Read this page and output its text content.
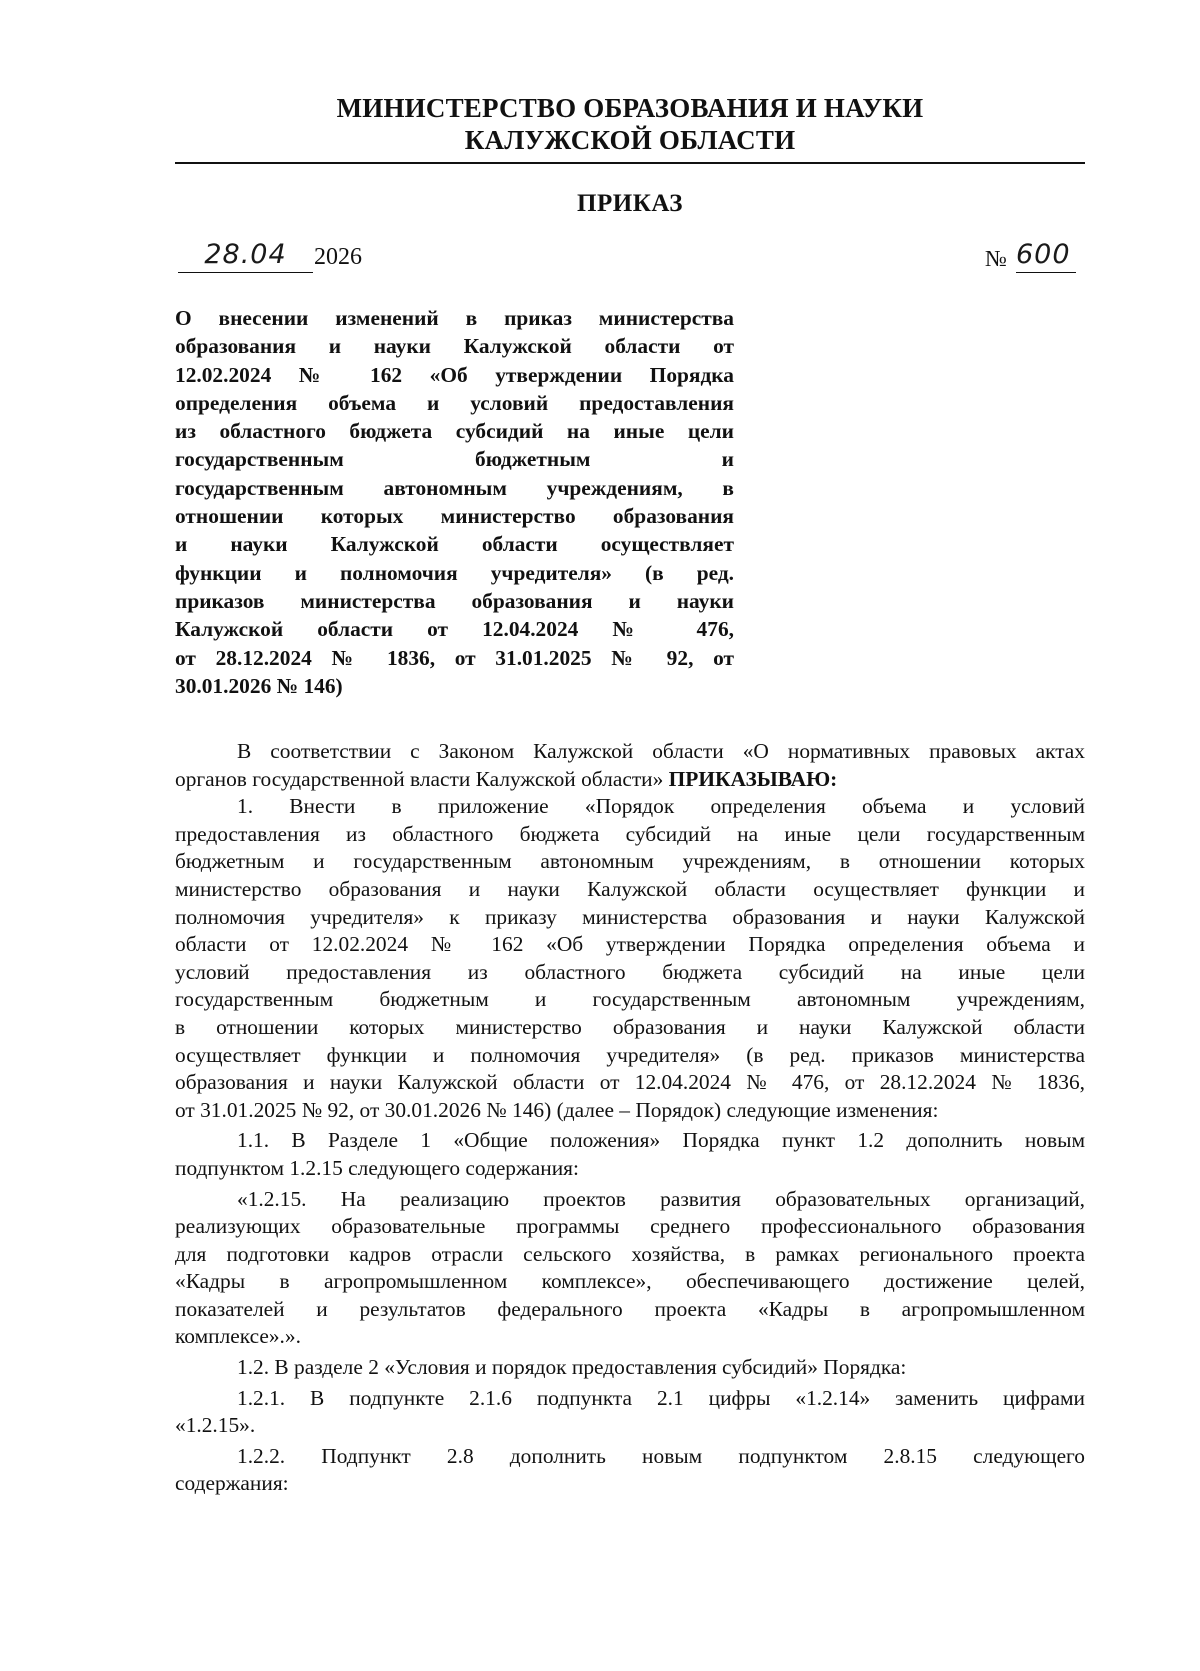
МИНИСТЕРСТВО ОБРАЗОВАНИЯ И НАУКИ
КАЛУЖСКОЙ ОБЛАСТИ
ПРИКАЗ
28.04	2026	№ 600
О внесении изменений в приказ министерства
образования и науки Калужской области от
12.02.2024 № 162 «Об утверждении Порядка
определения объема и условий предоставления
из областного бюджета субсидий на иные цели
государственным бюджетным и
государственным автономным учреждениям, в
отношении которых министерство образования
и науки Калужской области осуществляет
функции и полномочия учредителя» (в ред.
приказов министерства образования и науки
Калужской области от 12.04.2024 № 476,
от 28.12.2024 № 1836, от 31.01.2025 № 92, от
30.01.2026 № 146)

В соответствии с Законом Калужской области «О нормативных правовых актах
органов государственной власти Калужской области» ПРИКАЗЫВАЮ:

1. Внести в приложение «Порядок определения объема и условий
предоставления из областного бюджета субсидий на иные цели государственным
бюджетным и государственным автономным учреждениям, в отношении которых
министерство образования и науки Калужской области осуществляет функции и
полномочия учредителя» к приказу министерства образования и науки Калужской
области от 12.02.2024 № 162 «Об утверждении Порядка определения объема и
условий предоставления из областного бюджета субсидий на иные цели
государственным бюджетным и государственным автономным учреждениям,
в отношении которых министерство образования и науки Калужской области
осуществляет функции и полномочия учредителя» (в ред. приказов министерства
образования и науки Калужской области от 12.04.2024 № 476, от 28.12.2024 № 1836,
от 31.01.2025 № 92, от 30.01.2026 № 146) (далее – Порядок) следующие изменения:

1.1. В Разделе 1 «Общие положения» Порядка пункт 1.2 дополнить новым
подпунктом 1.2.15 следующего содержания:

«1.2.15. На реализацию проектов развития образовательных организаций,
реализующих образовательные программы среднего профессионального образования
для подготовки кадров отрасли сельского хозяйства, в рамках регионального проекта
«Кадры в агропромышленном комплексе», обеспечивающего достижение целей,
показателей и результатов федерального проекта «Кадры в агропромышленном
комплексе».».

1.2. В разделе 2 «Условия и порядок предоставления субсидий» Порядка:

1.2.1. В подпункте 2.1.6 подпункта 2.1 цифры «1.2.14» заменить цифрами
«1.2.15».

1.2.2. Подпункт 2.8 дополнить новым подпунктом 2.8.15 следующего
содержания:
